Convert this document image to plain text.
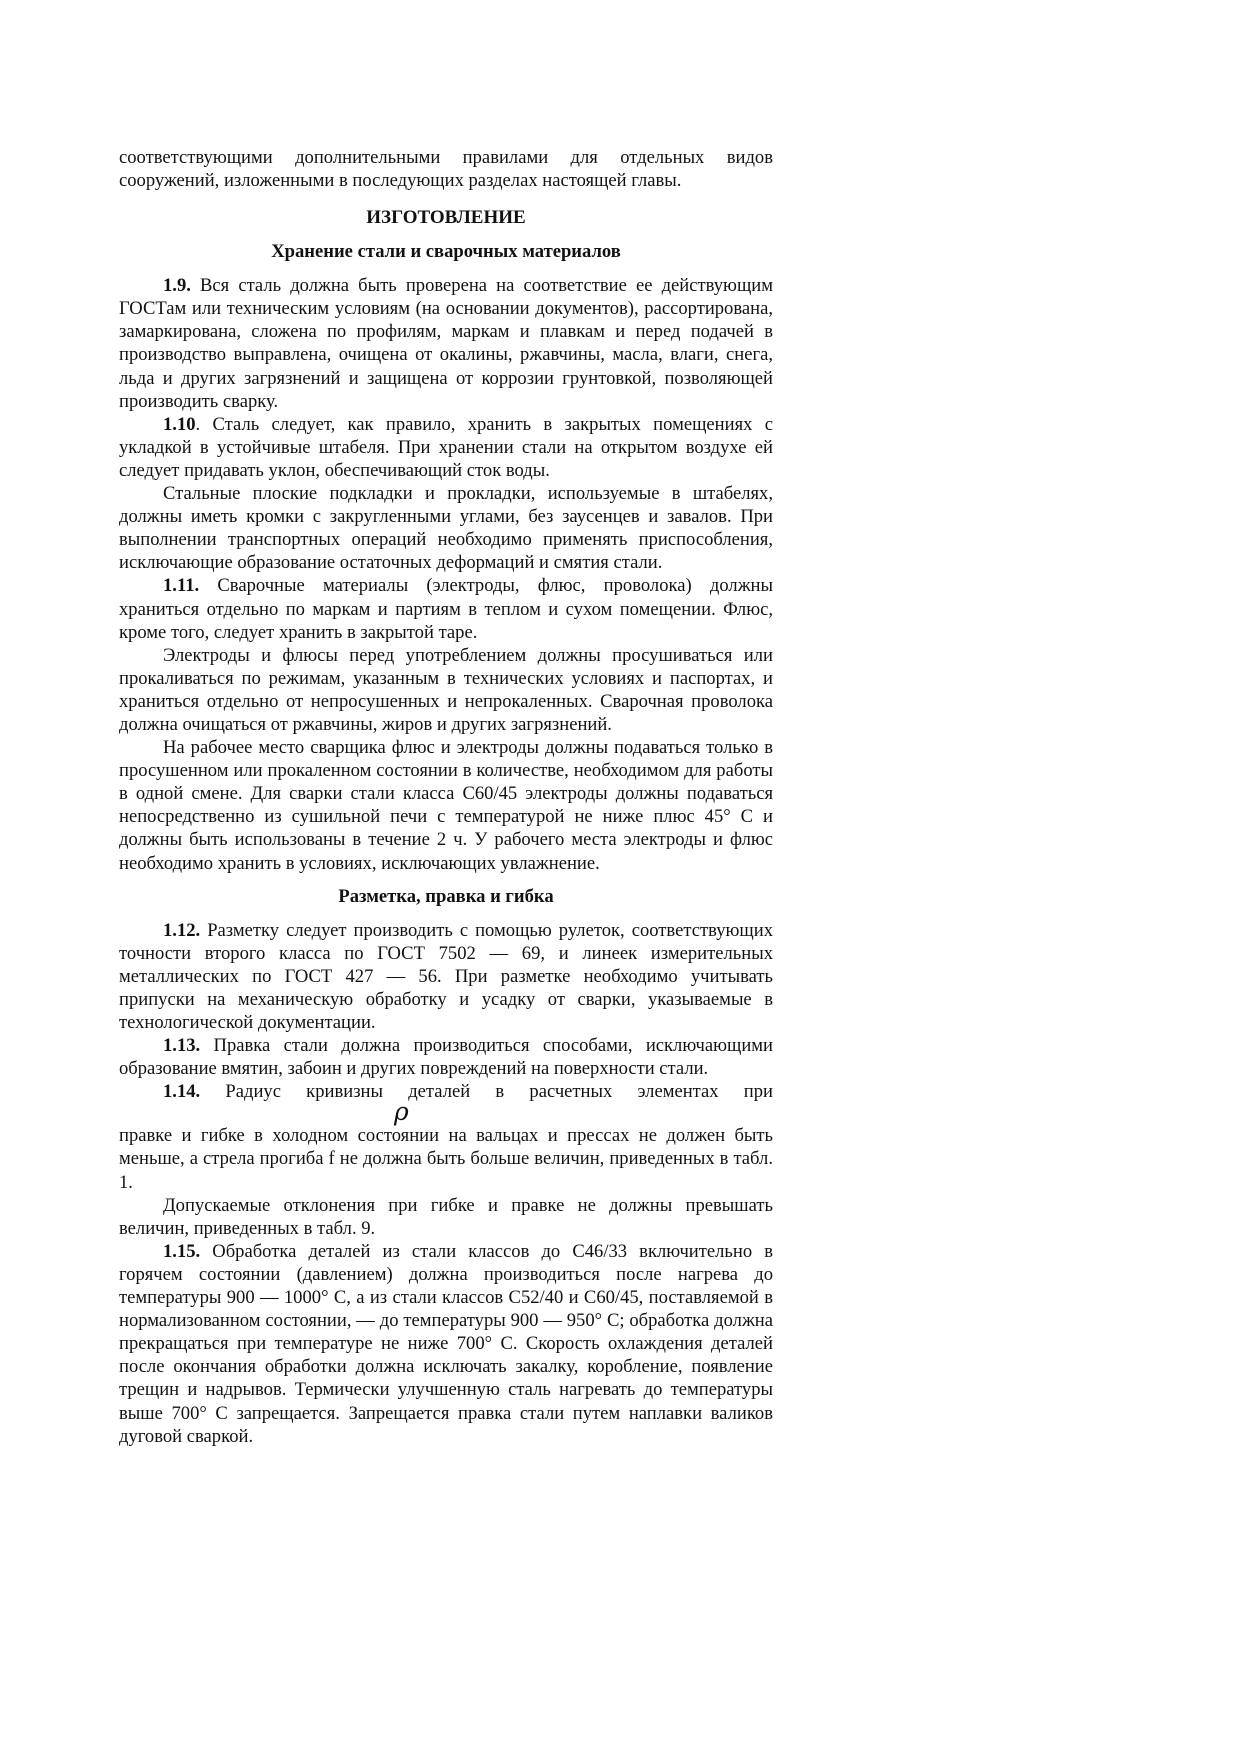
соответствующими дополнительными правилами для отдельных видов сооружений, изложенными в последующих разделах настоящей главы.

ИЗГОТОВЛЕНИЕ
Хранение стали и сварочных материалов

1.9. Вся сталь должна быть проверена на соответствие ее действующим ГОСТам или техническим условиям (на основании документов), рассортирована, замаркирована, сложена по профилям, маркам и плавкам и перед подачей в производство выправлена, очищена от окалины, ржавчины, масла, влаги, снега, льда и других загрязнений и защищена от коррозии грунтовкой, позволяющей производить сварку.

1.10. Сталь следует, как правило, хранить в закрытых помещениях с укладкой в устойчивые штабеля. При хранении стали на открытом воздухе ей следует придавать уклон, обеспечивающий сток воды.

Стальные плоские подкладки и прокладки, используемые в штабелях, должны иметь кромки с закругленными углами, без заусенцев и завалов. При выполнении транспортных операций необходимо применять приспособления, исключающие образование остаточных деформаций и смятия стали.

1.11. Сварочные материалы (электроды, флюс, проволока) должны храниться отдельно по маркам и партиям в теплом и сухом помещении. Флюс, кроме того, следует хранить в закрытой таре.

Электроды и флюсы перед употреблением должны просушиваться или прокаливаться по режимам, указанным в технических условиях и паспортах, и храниться отдельно от непросушенных и непрокаленных. Сварочная проволока должна очищаться от ржавчины, жиров и других загрязнений.

На рабочее место сварщика флюс и электроды должны подаваться только в просушенном или прокаленном состоянии в количестве, необходимом для работы в одной смене. Для сварки стали класса С60/45 электроды должны подаваться непосредственно из сушильной печи с температурой не ниже плюс 45° С и должны быть использованы в течение 2 ч. У рабочего места электроды и флюс необходимо хранить в условиях, исключающих увлажнение.

Разметка, правка и гибка

1.12. Разметку следует производить с помощью рулеток, соответствующих точности второго класса по ГОСТ 7502 — 69, и линеек измерительных металлических по ГОСТ 427 — 56. При разметке необходимо учитывать припуски на механическую обработку и усадку от сварки, указываемые в технологической документации.

1.13. Правка стали должна производиться способами, исключающими образование вмятин, забоин и других повреждений на поверхности стали.

1.14. Радиус кривизны деталей в расчетных элементах при

ρ

правке и гибке в холодном состоянии на вальцах и прессах не должен быть меньше, а стрела прогиба f не должна быть больше величин, приведенных в табл. 1.

Допускаемые отклонения при гибке и правке не должны превышать величин, приведенных в табл. 9.

1.15. Обработка деталей из стали классов до С46/33 включительно в горячем состоянии (давлением) должна производиться после нагрева до температуры 900 — 1000° С, а из стали классов С52/40 и С60/45, поставляемой в нормализованном состоянии, — до температуры 900 — 950° С; обработка должна прекращаться при температуре не ниже 700° С. Скорость охлаждения деталей после окончания обработки должна исключать закалку, коробление, появление трещин и надрывов. Термически улучшенную сталь нагревать до температуры выше 700° С запрещается. Запрещается правка стали путем наплавки валиков дуговой сваркой.
